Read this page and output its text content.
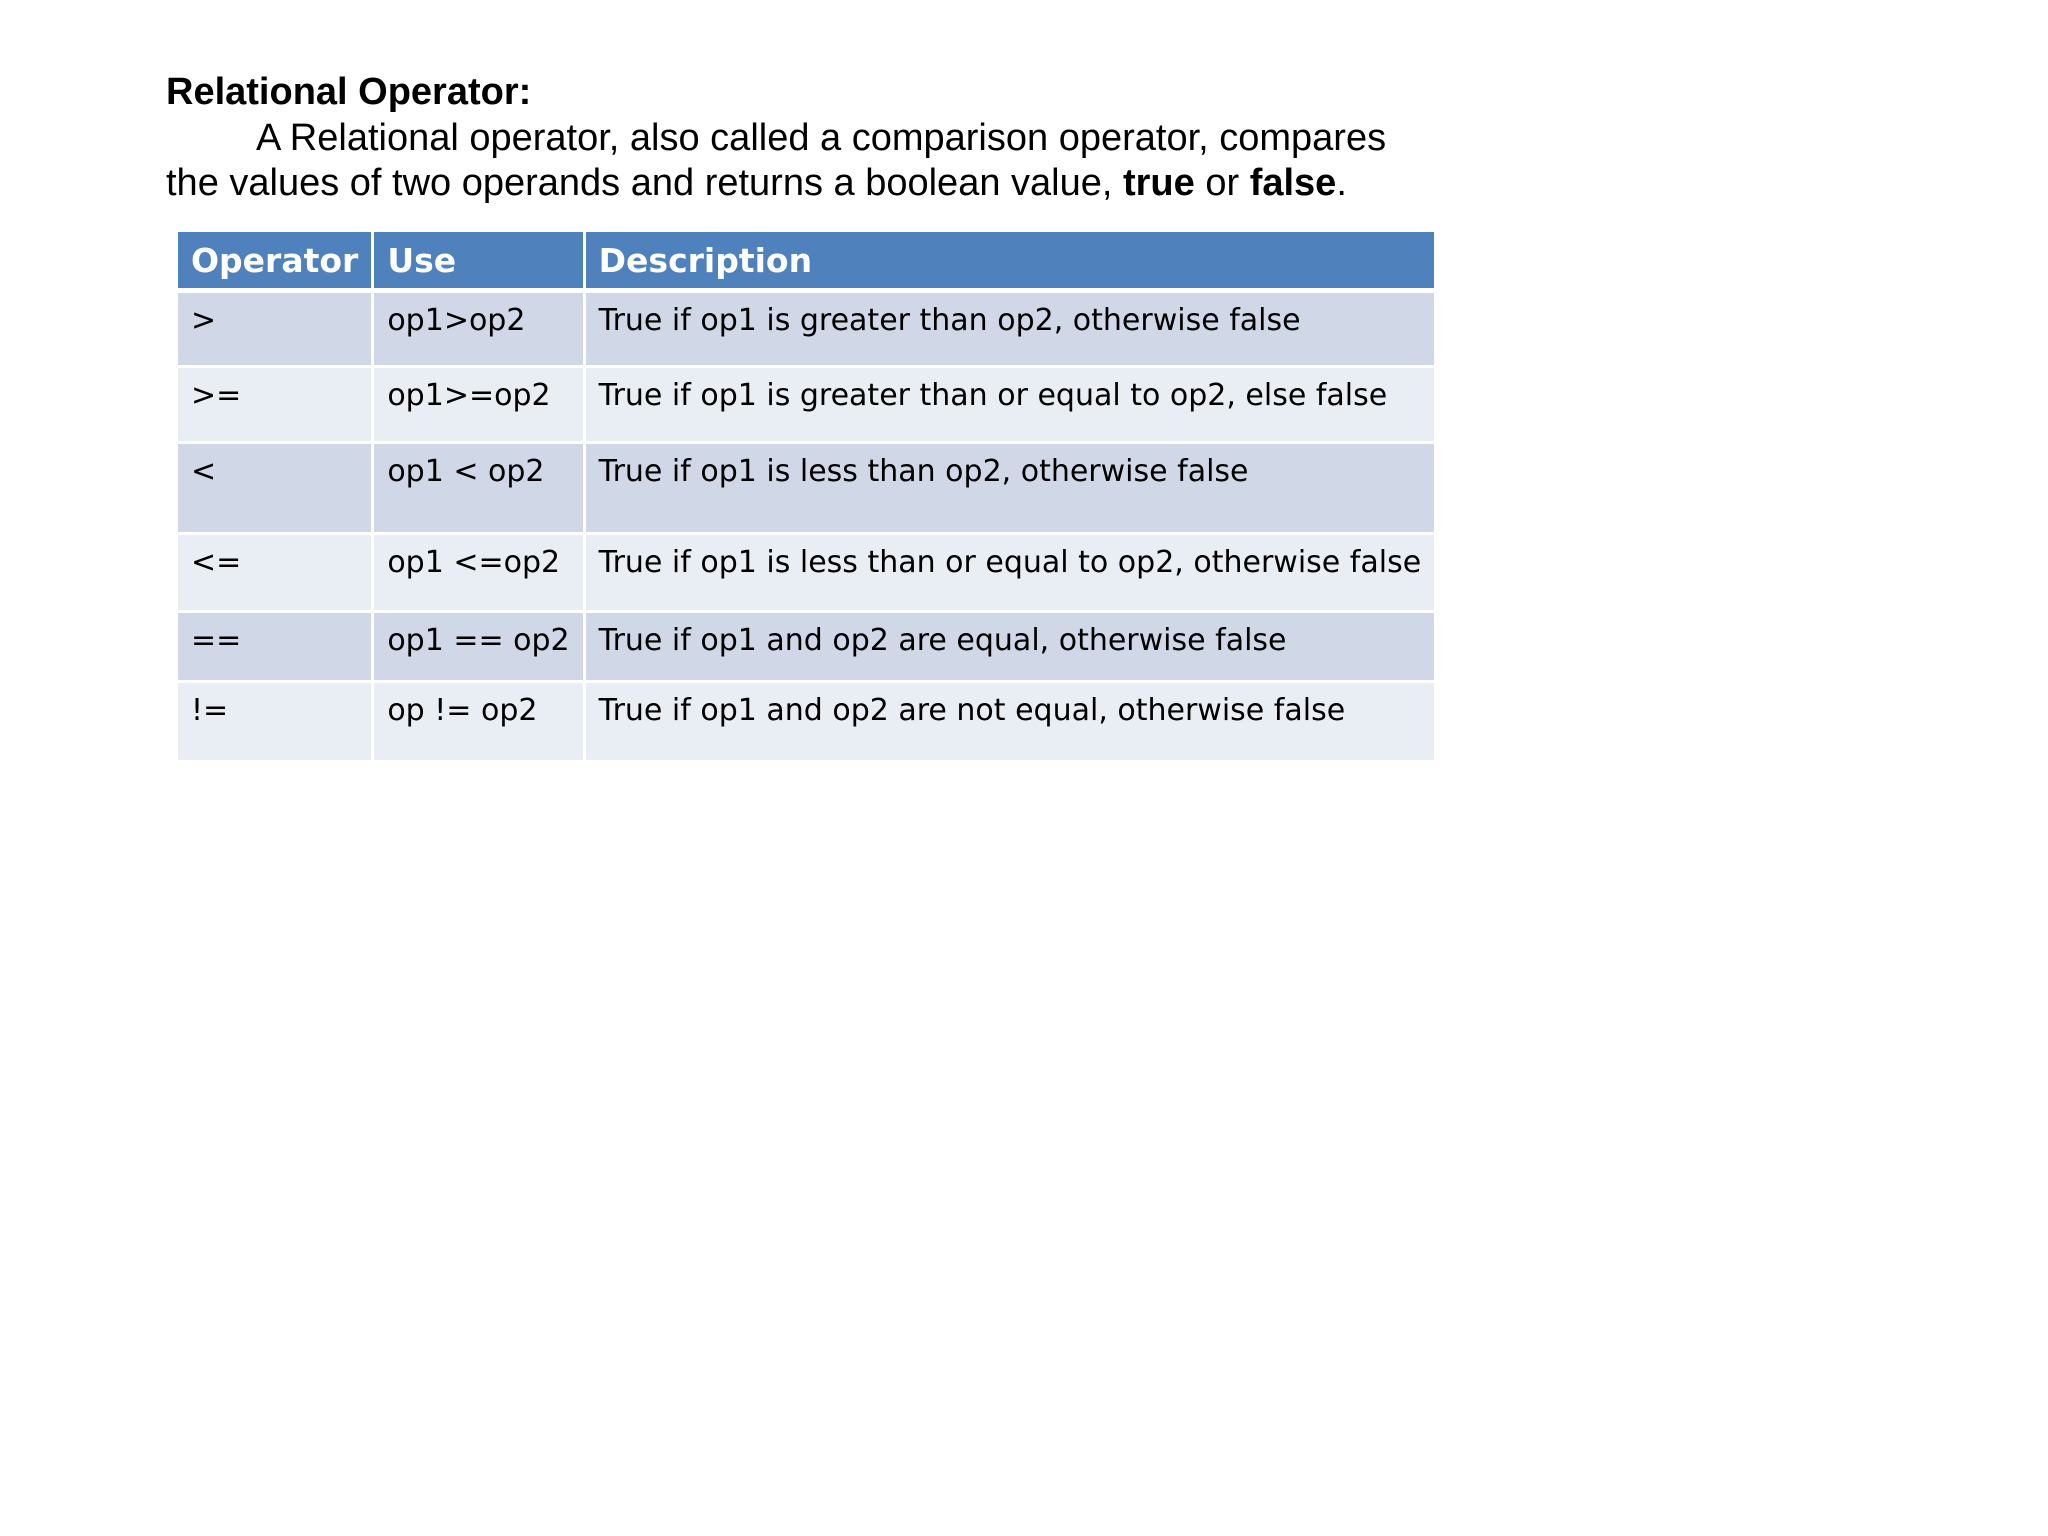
Relational Operator:

A Relational operator, also called a comparison operator, compares the values of two operands and returns a boolean value, true or false.

Operator	Use	Description
>	op1>op2	True if op1 is greater than op2, otherwise false
>=	op1>=op2	True if op1 is greater than or equal to op2, else false
<	op1 < op2	True if op1 is less than op2, otherwise false
<=	op1 <=op2	True if op1 is less than or equal to op2, otherwise false
==	op1 == op2	True if op1 and op2 are equal, otherwise false
!=	op != op2	True if op1 and op2 are not equal, otherwise false
